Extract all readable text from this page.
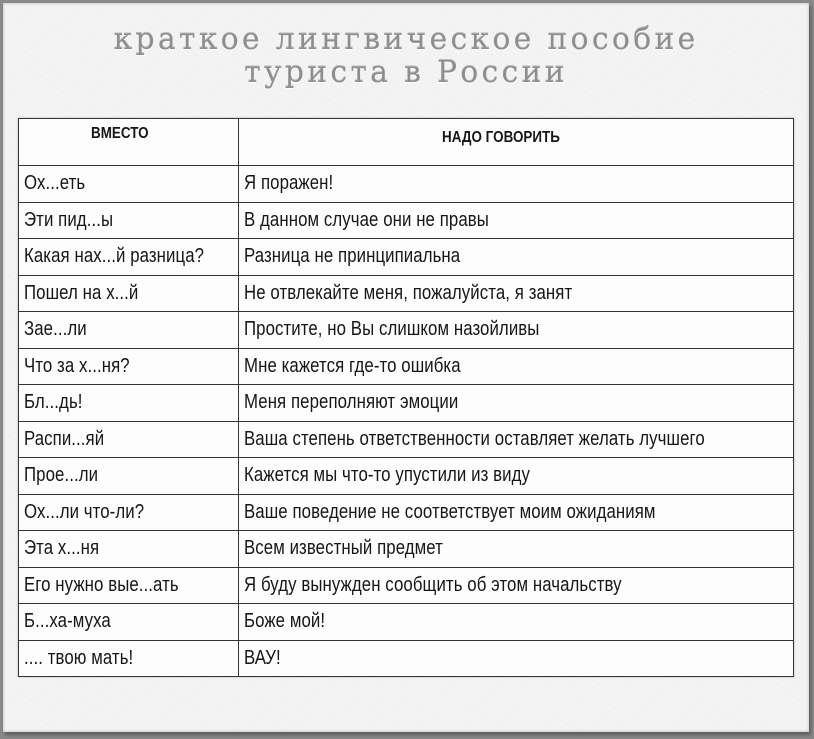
краткое лингвическое пособие
туриста в России
ВМЕСТО	НАДО ГОВОРИТЬ
Ох...еть	Я поражен!
Эти пид...ы	В данном случае они не правы
Какая нах...й разница?	Разница не принципиальна
Пошел на х...й	Не отвлекайте меня, пожалуйста, я занят
Зае...ли	Простите, но Вы слишком назойливы
Что за х...ня?	Мне кажется где-то ошибка
Бл...дь!	Меня переполняют эмоции
Распи...яй	Ваша степень ответственности оставляет желать лучшего
Прое...ли	Кажется мы что-то упустили из виду
Ох...ли что-ли?	Ваше поведение не соответствует моим ожиданиям
Эта х...ня	Всем известный предмет
Его нужно вые...ать	Я буду вынужден сообщить об этом начальству
Б...ха-муха	Боже мой!
.... твою мать!	ВАУ!
